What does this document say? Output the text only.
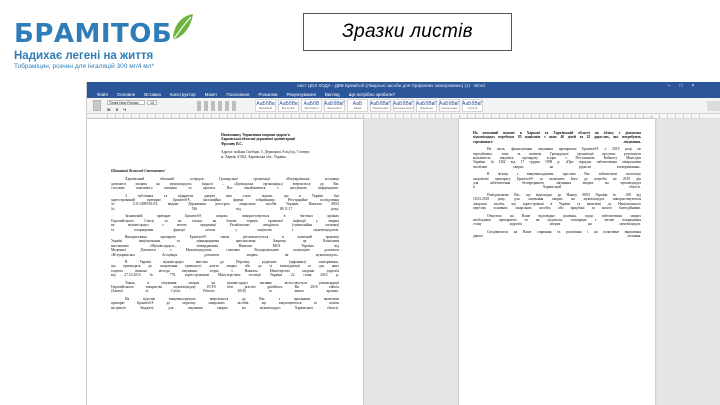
БРАМІТОБ
Надихає легені на життя
Тобраміцин, розчин для інгаляцій 300 мг/4 мл*
Зразки листів
лист ЦОЗ ХОДА - ДВВ Бремітоб (Лікарські засоби для Орфанних захворювань) (1) - Word	–	□	×
Файл Основне Вставка Конструктор Макет Посилання Розсилки Рецензування Вигляд Що потрібно зробити?
Times New Roman	10
Ж К Ч
АаБбВв
Звичайний
АаБбВв
Без інтерв.
АаБбВ
Заголовок 1
АаБбВвГ
Заголовок 2
АаБ
Назва
АаБбВвГ
Підзаголовок
АаБбВвГ
Незначне виділ.
АаБбВвГ
Виділення
АаБбВвГ
Сильне виділ.
АаБбВвГ
Строгий
Начальнику Управління охорони здоров'я
Харківської обласної державної адміністрації
Фролову В.С.
Адреса: майдан Свободи, 5, Держпром, 8 під'їзд, 7 поверх
м. Харків, 61022, Харківська обл., Україна
Шановний Всеволод Степанович!
Харківський обласний осередок Громадської організації «Всеукраїнська асоціація
допомоги хворим на муковісцидоз» (надалі – «Громадська організація») звертається до Вас
стосовно важливого питання та просить Вас ознайомитися з наступною інформацією.
З публічних та відкритих джерел нам стало відомо, що в Україні був
зареєстрований препарат Брамітоб®, інгаляційна форма тобраміцину. Реєстраційне посвідчення
№ UA/14985/01/01, видане Державним реєстром лікарських засобів України. Наказом МОЗ
№ 536 від 08.11.17 року.
Зазначений препарат Брамітоб® широко використовується в багатьох країнах
Європейського Союзу та не тільки, як базова терапія хронічної інфекції у хворих
на муковісцидоз з метою ерадикації Pseudomonas aeruginosa (синьогнійна паличка)
та покращення функції легень у пацієнтів з муковісцидозом.
Використання препарату Брамітоб® також регламентується в клінічній практиці
Україні національним та міжнародними протоколами. Зокрема, це Клінічним
настановам «Муковісцидоз», затвердженим Наказом МОЗ України від
Медичної Допомоги з Муковісцидозом, схвалено Всеукраїнською асоціацією допомоги
«Всеукраїнська Асоціація допомоги хворим на муковісцидоз».
В Україні муковісцидоз внесено до Переліку рідкісних (орфанних) захворювань,
що призводять до скорочення тривалості життя хворих або до їх інвалідизації та для яких
існують визнані методи лікування, згідно з Наказом Міністерства охорони здоров'я
від 27.10.2014 № 778, зареєстрованим Міністерством юстиції України 22 січня 2016 р.
Також, в лікування хворих на муковісцидоз активно застосовується рекомендації
Європейського товариства муковісцидозу ECFS best practice guidelines. Ви 2018 edition
(Journal of Cystic Fibrosis 2018) та інших країнах.
На підставі вищевикладеного звертаємося до Вас з проханням включити
препарат Брамітоб® до переліку лікарських засобів, що закуповуються за кошти
місцевого бюджету для лікування хворих на муковісцидоз Харківської області.
На поточний момент в Харкові та Харківській області на обліку з діагнозом
муковісцидоз перебуває 85 пацієнтів з яких 40 дітей та 25 дорослих, які потребують
термінового лікування.
На жаль, фінансування лікування препаратом Брамітоб® у 2019 році не
передбачене, тому за запитом Громадської організації просимо розглянути
можливість закупівлі препарату згідно з Постановою Кабінету Міністрів
України №1302 від 17 грудня 1998 р. «Про порядок забезпечення лікарськими
засобами хворих на рідкісні захворювання».
В зв'язку з вищевикладеним, просимо Вас забезпечити своєчасну
закупівлю препарату Брамітоб® та включити його до потреби на 2019 рік
для забезпечення безперервного лікування хворих на муковісцидоз
в Харківській області.
Повідомляємо Вас, що відповідно до Наказу МОЗ України № 495 від
18.03.2018 року, для лікування хворих на муковісцидоз використовуються
лікарські засоби, що зареєстровані в Україні та включені до Національного
переліку основних лікарських засобів, або придбані за кошти благодійників.
Очікуємо на Ваше відповідне рішення, щодо забезпечення хворих
необхідним препаратом та на подальшу співпрацю з метою покращення
стану здоров'я хворих на муковісцидоз.
Сподіваємося на Ваше сприяння та розуміння і на позитивне вирішення
даного питання.
